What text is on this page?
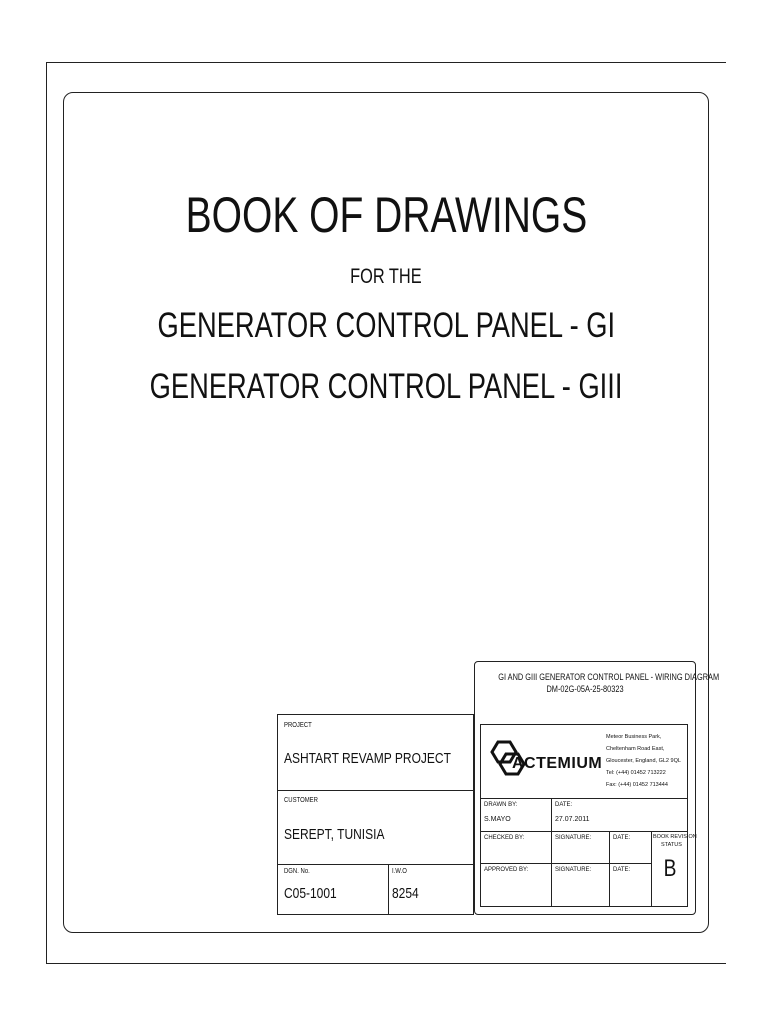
BOOK OF DRAWINGS
FOR THE
GENERATOR CONTROL PANEL - GI
GENERATOR CONTROL PANEL - GIII
GI AND GIII GENERATOR CONTROL PANEL - WIRING DIAGRAM
DM-02G-05A-25-80323
PROJECT
ASHTART REVAMP PROJECT
CUSTOMER
SEREPT, TUNISIA
DGN. No.
C05-1001
I.W.O
8254
ACTEMIUM
Meteor Business Park,
Cheltenham Road East,
Gloucester, England, GL2 9QL
Tel: (+44) 01452 713222
Fax: (+44) 01452 713444
DRAWN BY:	DATE:
S.MAYO	27.07.2011
CHECKED BY:	SIGNATURE:	DATE:	BOOK REVISION
STATUS
APPROVED BY:	SIGNATURE:	DATE:	B
